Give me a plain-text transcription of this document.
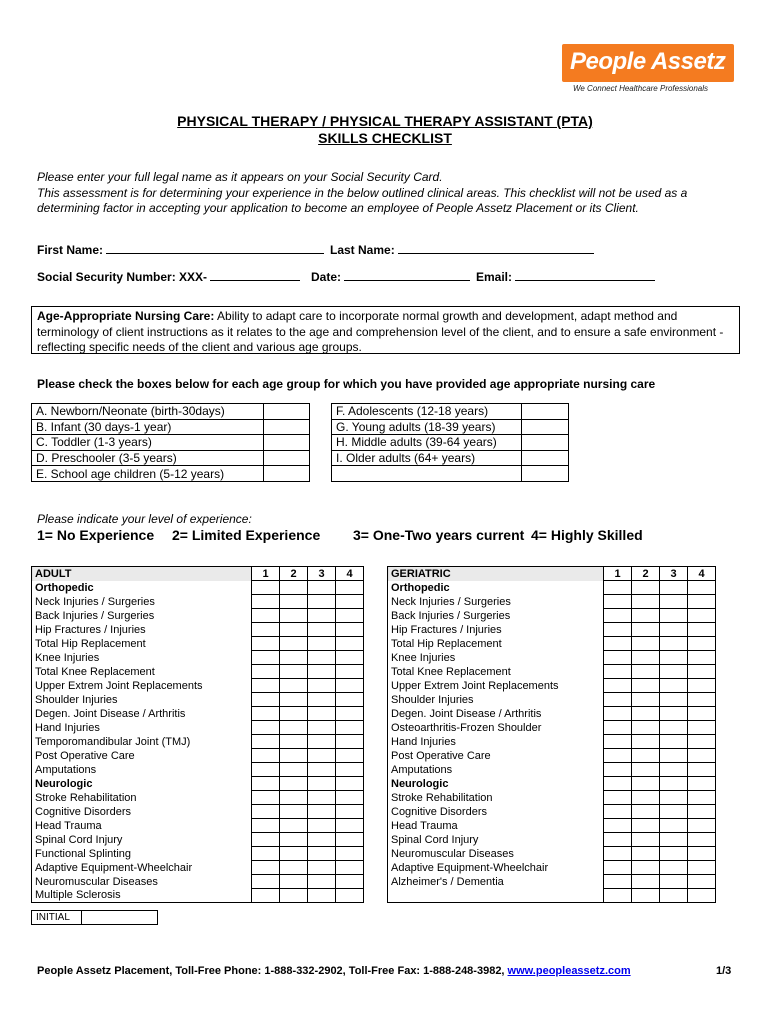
People Assetz
We Connect Healthcare Professionals
PHYSICAL THERAPY / PHYSICAL THERAPY ASSISTANT (PTA)
SKILLS CHECKLIST
Please enter your full legal name as it appears on your Social Security Card.
This assessment is for determining your experience in the below outlined clinical areas. This checklist will not be used as a determining factor in accepting your application to become an employee of People Assetz Placement or its Client.
First Name:	Last Name:
Social Security Number: XXX-	Date:	Email:
Age-Appropriate Nursing Care: Ability to adapt care to incorporate normal growth and development, adapt method and terminology of client instructions as it relates to the age and comprehension level of the client, and to ensure a safe environment - reflecting specific needs of the client and various age groups.
Please check the boxes below for each age group for which you have provided age appropriate nursing care
A. Newborn/Neonate (birth-30days)	
B. Infant (30 days-1 year)	
C. Toddler (1-3 years)	
D. Preschooler (3-5 years)	
E. School age children (5-12 years)	
F. Adolescents (12-18 years)	
G. Young adults (18-39 years)	
H. Middle adults (39-64 years)	
I. Older adults (64+ years)	

Please indicate your level of experience:
1= No Experience 2= Limited Experience 3= One-Two years current 4= Highly Skilled
ADULT	1	2	3	4
Orthopedic				
Neck Injuries / Surgeries				
Back Injuries / Surgeries				
Hip Fractures / Injuries				
Total Hip Replacement				
Knee Injuries				
Total Knee Replacement				
Upper Extrem Joint Replacements				
Shoulder Injuries				
Degen. Joint Disease / Arthritis				
Hand Injuries				
Temporomandibular Joint (TMJ)				
Post Operative Care				
Amputations				
Neurologic				
Stroke Rehabilitation				
Cognitive Disorders				
Head Trauma				
Spinal Cord Injury				
Functional Splinting				
Adaptive Equipment-Wheelchair				
Neuromuscular Diseases				
Multiple Sclerosis				
GERIATRIC	1	2	3	4
Orthopedic				
Neck Injuries / Surgeries				
Back Injuries / Surgeries				
Hip Fractures / Injuries				
Total Hip Replacement				
Knee Injuries				
Total Knee Replacement				
Upper Extrem Joint Replacements				
Shoulder Injuries				
Degen. Joint Disease / Arthritis				
Osteoarthritis-Frozen Shoulder				
Hand Injuries				
Post Operative Care				
Amputations				
Neurologic				
Stroke Rehabilitation				
Cognitive Disorders				
Head Trauma				
Spinal Cord Injury				
Neuromuscular Diseases				
Adaptive Equipment-Wheelchair				
Alzheimer's / Dementia				

INITIAL	
People Assetz Placement, Toll-Free Phone: 1-888-332-2902, Toll-Free Fax: 1-888-248-3982, www.peopleassetz.com	1/3
